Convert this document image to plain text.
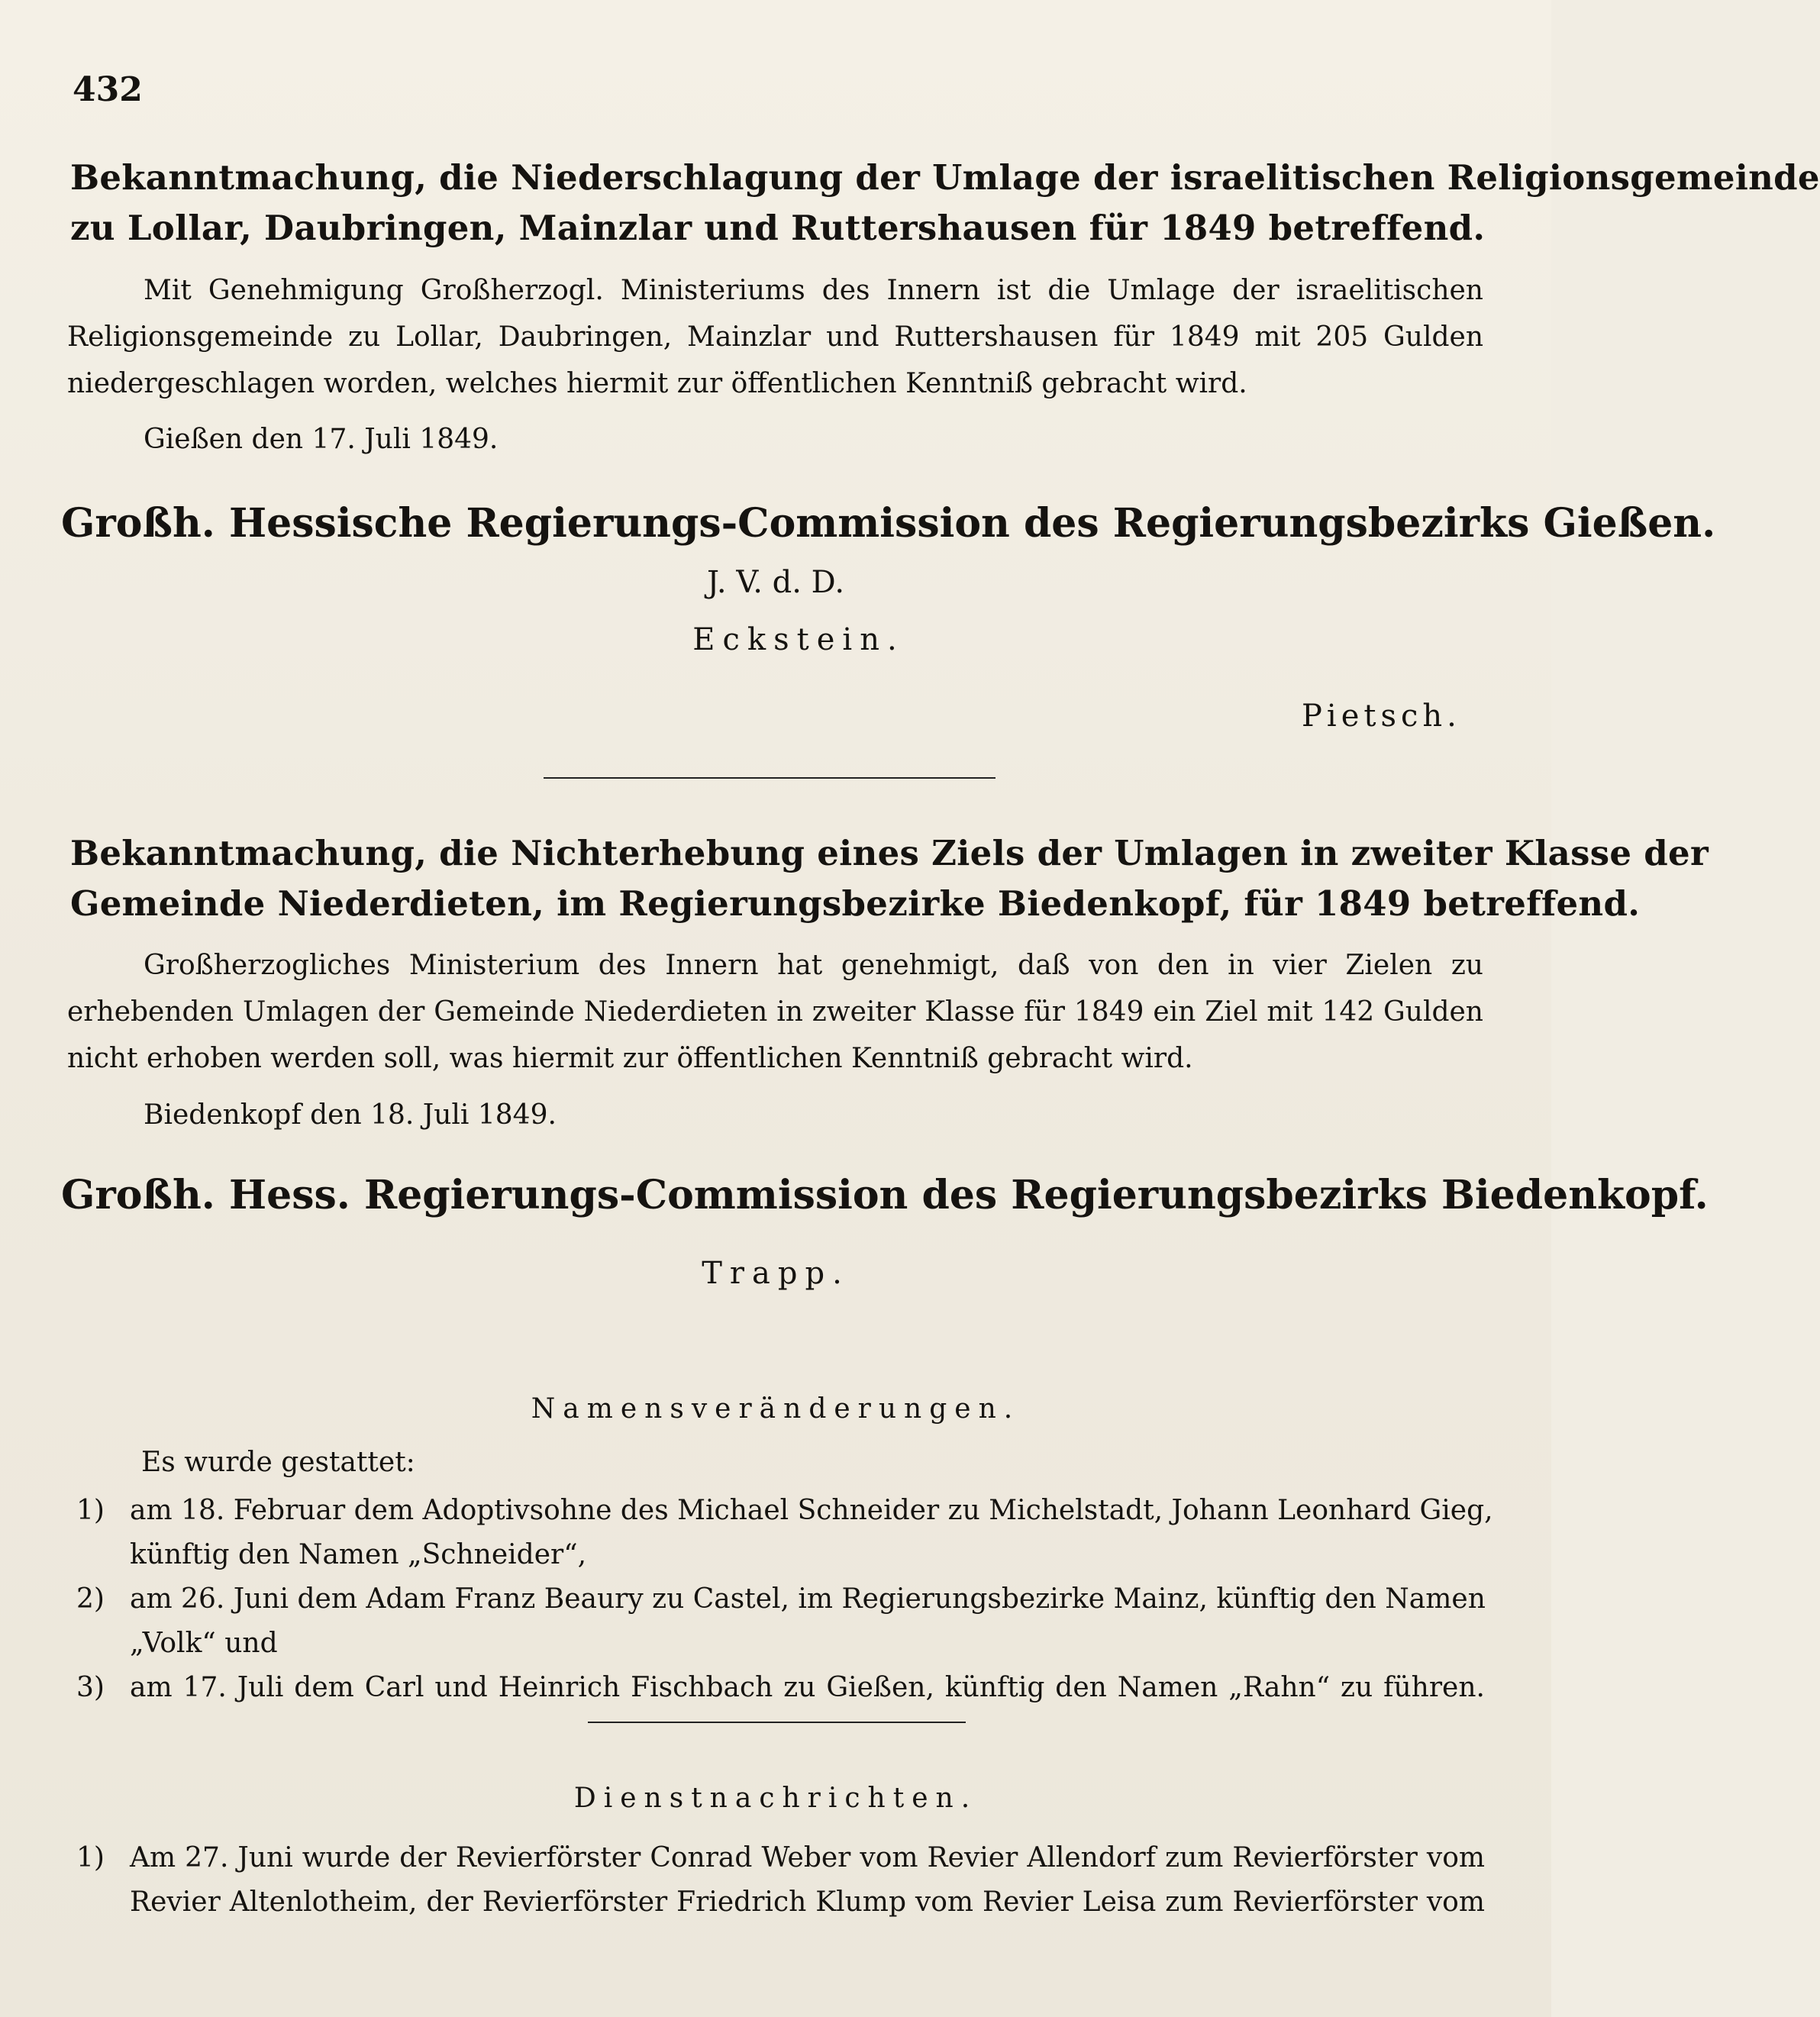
432
Bekanntmachung, die Niederschlagung der Umlage der israelitischen Religionsgemeinde
zu Lollar, Daubringen, Mainzlar und Ruttershausen für 1849 betreffend.
Mit Genehmigung Großherzogl. Ministeriums des Innern ist die Umlage der israelitischen
Religionsgemeinde zu Lollar, Daubringen, Mainzlar und Ruttershausen für 1849 mit 205 Gulden
niedergeschlagen worden, welches hiermit zur öffentlichen Kenntniß gebracht wird.
Gießen den 17. Juli 1849.
Großh. Hessische Regierungs-Commission des Regierungsbezirks Gießen.
J. V. d. D.
Eckstein.
Pietsch.
Bekanntmachung, die Nichterhebung eines Ziels der Umlagen in zweiter Klasse der
Gemeinde Niederdieten, im Regierungsbezirke Biedenkopf, für 1849 betreffend.
Großherzogliches Ministerium des Innern hat genehmigt, daß von den in vier Zielen zu
erhebenden Umlagen der Gemeinde Niederdieten in zweiter Klasse für 1849 ein Ziel mit 142 Gulden
nicht erhoben werden soll, was hiermit zur öffentlichen Kenntniß gebracht wird.
Biedenkopf den 18. Juli 1849.
Großh. Hess. Regierungs-Commission des Regierungsbezirks Biedenkopf.
Trapp.
Namensveränderungen.
Es wurde gestattet:
1) am 18. Februar dem Adoptivsohne des Michael Schneider zu Michelstadt, Johann Leonhard Gieg,
künftig den Namen „Schneider“,
2) am 26. Juni dem Adam Franz Beaury zu Castel, im Regierungsbezirke Mainz, künftig den Namen
„Volk“ und
3) am 17. Juli dem Carl und Heinrich Fischbach zu Gießen, künftig den Namen „Rahn“ zu führen.
Dienstnachrichten.
1) Am 27. Juni wurde der Revierförster Conrad Weber vom Revier Allendorf zum Revierförster vom
Revier Altenlotheim, der Revierförster Friedrich Klump vom Revier Leisa zum Revierförster vom
